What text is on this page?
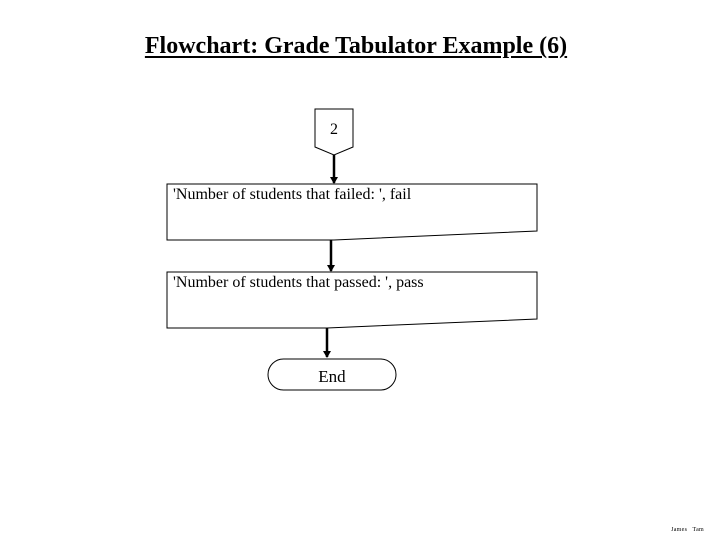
Flowchart: Grade Tabulator Example (6)
2
'Number of students that failed: ', fail
'Number of students that passed: ', pass
End
James   Tam
